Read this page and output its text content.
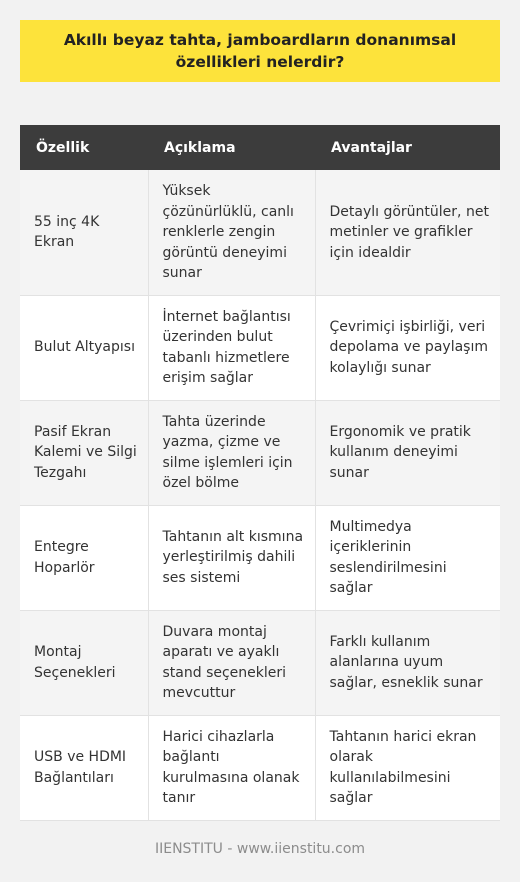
Akıllı beyaz tahta, jamboardların donanımsal özellikleri nelerdir?
Özellik	Açıklama	Avantajlar
55 inç 4K Ekran	Yüksek çözünürlüklü, canlı renklerle zengin görüntü deneyimi sunar	Detaylı görüntüler, net metinler ve grafikler için idealdir
Bulut Altyapısı	İnternet bağlantısı üzerinden bulut tabanlı hizmetlere erişim sağlar	Çevrimiçi işbirliği, veri depolama ve paylaşım kolaylığı sunar
Pasif Ekran Kalemi ve Silgi Tezgahı	Tahta üzerinde yazma, çizme ve silme işlemleri için özel bölme	Ergonomik ve pratik kullanım deneyimi sunar
Entegre Hoparlör	Tahtanın alt kısmına yerleştirilmiş dahili ses sistemi	Multimedya içeriklerinin seslendirilmesini sağlar
Montaj Seçenekleri	Duvara montaj aparatı ve ayaklı stand seçenekleri mevcuttur	Farklı kullanım alanlarına uyum sağlar, esneklik sunar
USB ve HDMI Bağlantıları	Harici cihazlarla bağlantı kurulmasına olanak tanır	Tahtanın harici ekran olarak kullanılabilmesini sağlar
IIENSTITU - www.iienstitu.com
